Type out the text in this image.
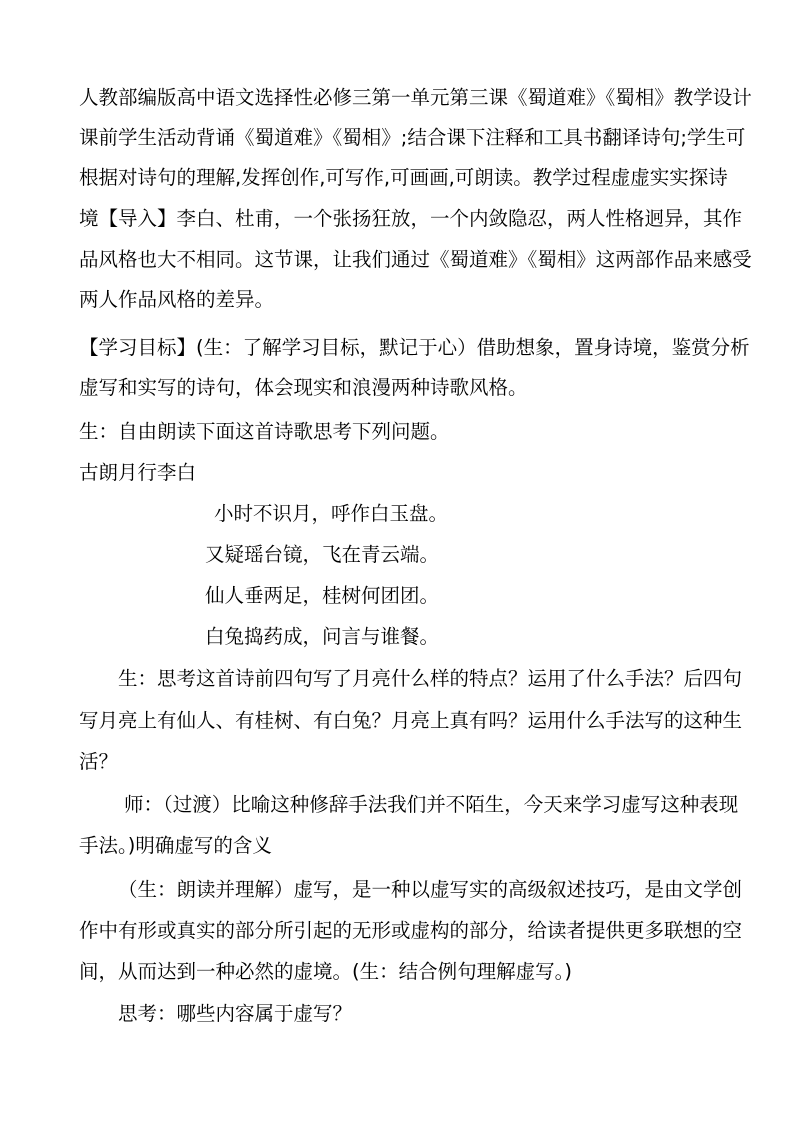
人教部编版高中语文选择性必修三第一单元第三课《蜀道难》《蜀相》教学设计
课前学生活动背诵《蜀道难》《蜀相》;结合课下注释和工具书翻译诗句;学生可
根据对诗句的理解,发挥创作,可写作,可画画,可朗读。教学过程虚虚实实探诗
境【导入】李白、杜甫，一个张扬狂放，一个内敛隐忍，两人性格迥异，其作
品风格也大不相同。这节课，让我们通过《蜀道难》《蜀相》这两部作品来感受
两人作品风格的差异。
【学习目标】(生：了解学习目标，默记于心）借助想象，置身诗境，鉴赏分析
虚写和实写的诗句，体会现实和浪漫两种诗歌风格。
生：自由朗读下面这首诗歌思考下列问题。
古朗月行李白
小时不识月，呼作白玉盘。
又疑瑶台镜，飞在青云端。
仙人垂两足，桂树何团团。
白兔捣药成，问言与谁餐。
生：思考这首诗前四句写了月亮什么样的特点？运用了什么手法？后四句
写月亮上有仙人、有桂树、有白兔？月亮上真有吗？运用什么手法写的这种生
活？
师：（过渡）比喻这种修辞手法我们并不陌生，今天来学习虚写这种表现
手法。)明确虚写的含义
（生：朗读并理解）虚写，是一种以虚写实的高级叙述技巧，是由文学创
作中有形或真实的部分所引起的无形或虚构的部分，给读者提供更多联想的空
间，从而达到一种必然的虚境。(生：结合例句理解虚写。)
思考：哪些内容属于虚写？
